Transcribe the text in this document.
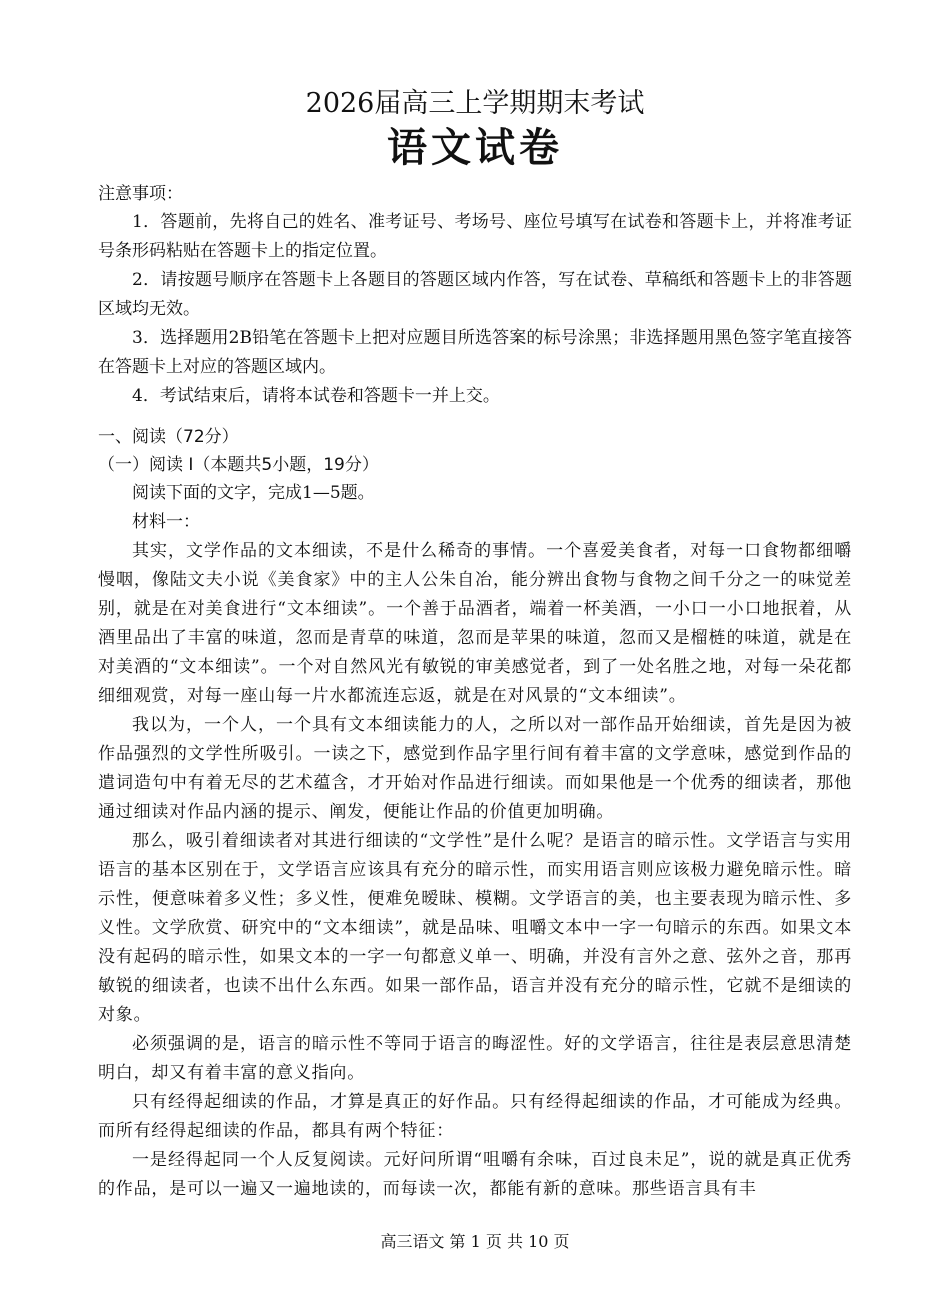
2026届高三上学期期末考试
语文试卷
注意事项：

1．答题前，先将自己的姓名、准考证号、考场号、座位号填写在试卷和答题卡上，并将准考证号条形码粘贴在答题卡上的指定位置。

2．请按题号顺序在答题卡上各题目的答题区域内作答，写在试卷、草稿纸和答题卡上的非答题区域均无效。

3．选择题用2B铅笔在答题卡上把对应题目所选答案的标号涂黑；非选择题用黑色签字笔直接答在答题卡上对应的答题区域内。

4．考试结束后，请将本试卷和答题卡一并上交。

一、阅读（72分）
（一）阅读 I（本题共5小题，19分）

阅读下面的文字，完成1—5题。

材料一：

其实，文学作品的文本细读，不是什么稀奇的事情。一个喜爱美食者，对每一口食物都细嚼慢咽，像陆文夫小说《美食家》中的主人公朱自冶，能分辨出食物与食物之间千分之一的味觉差别，就是在对美食进行“文本细读”。一个善于品酒者，端着一杯美酒，一小口一小口地抿着，从酒里品出了丰富的味道，忽而是青草的味道，忽而是苹果的味道，忽而又是榴梿的味道，就是在对美酒的“文本细读”。一个对自然风光有敏锐的审美感觉者，到了一处名胜之地，对每一朵花都细细观赏，对每一座山每一片水都流连忘返，就是在对风景的“文本细读”。

我以为，一个人，一个具有文本细读能力的人，之所以对一部作品开始细读，首先是因为被作品强烈的文学性所吸引。一读之下，感觉到作品字里行间有着丰富的文学意味，感觉到作品的遣词造句中有着无尽的艺术蕴含，才开始对作品进行细读。而如果他是一个优秀的细读者，那他通过细读对作品内涵的提示、阐发，便能让作品的价值更加明确。

那么，吸引着细读者对其进行细读的“文学性”是什么呢？是语言的暗示性。文学语言与实用语言的基本区别在于，文学语言应该具有充分的暗示性，而实用语言则应该极力避免暗示性。暗示性，便意味着多义性；多义性，便难免暧昧、模糊。文学语言的美，也主要表现为暗示性、多义性。文学欣赏、研究中的“文本细读”，就是品味、咀嚼文本中一字一句暗示的东西。如果文本没有起码的暗示性，如果文本的一字一句都意义单一、明确，并没有言外之意、弦外之音，那再敏锐的细读者，也读不出什么东西。如果一部作品，语言并没有充分的暗示性，它就不是细读的对象。

必须强调的是，语言的暗示性不等同于语言的晦涩性。好的文学语言，往往是表层意思清楚明白，却又有着丰富的意义指向。

只有经得起细读的作品，才算是真正的好作品。只有经得起细读的作品，才可能成为经典。而所有经得起细读的作品，都具有两个特征：

一是经得起同一个人反复阅读。元好问所谓“咀嚼有余味，百过良未足”，说的就是真正优秀的作品，是可以一遍又一遍地读的，而每读一次，都能有新的意味。那些语言具有丰

高三语文 第 1 页 共 10 页
